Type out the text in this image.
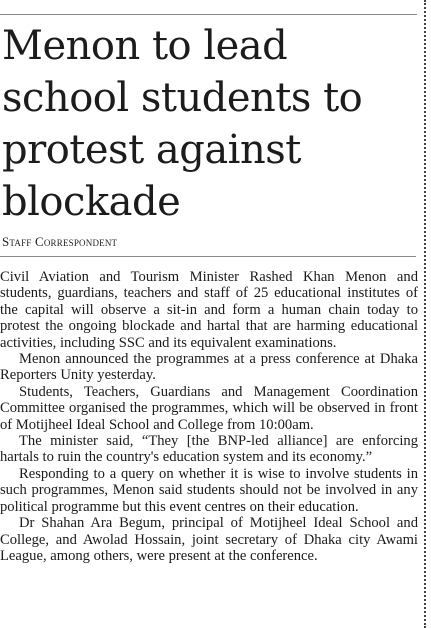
Menon to lead school students to protest against blockade
Staff Correspondent

Civil Aviation and Tourism Minister Rashed Khan Menon and students, guardians, teachers and staff of 25 educational institutes of the capital will observe a sit-in and form a human chain today to protest the ongoing blockade and hartal that are harming educational activities, including SSC and its equivalent examinations.

Menon announced the programmes at a press conference at Dhaka Reporters Unity yesterday.

Students, Teachers, Guardians and Management Coordination Committee organised the programmes, which will be observed in front of Motijheel Ideal School and College from 10:00am.

The minister said, “They [the BNP-led alliance] are enforcing hartals to ruin the country's education system and its economy.”

Responding to a query on whether it is wise to involve students in such programmes, Menon said students should not be involved in any political programme but this event centres on their education.

Dr Shahan Ara Begum, principal of Motijheel Ideal School and College, and Awolad Hossain, joint secretary of Dhaka city Awami League, among others, were present at the conference.
